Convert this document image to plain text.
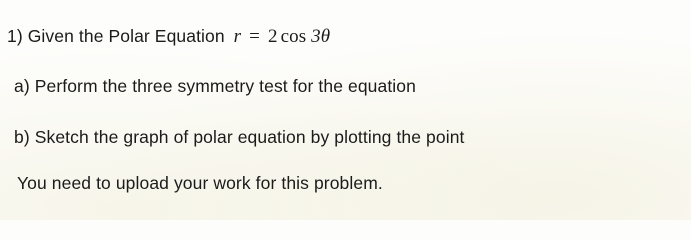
1) Given the Polar Equation r = 2 cos 3θ
a) Perform the three symmetry test for the equation
b) Sketch the graph of polar equation by plotting the point
You need to upload your work for this problem.
